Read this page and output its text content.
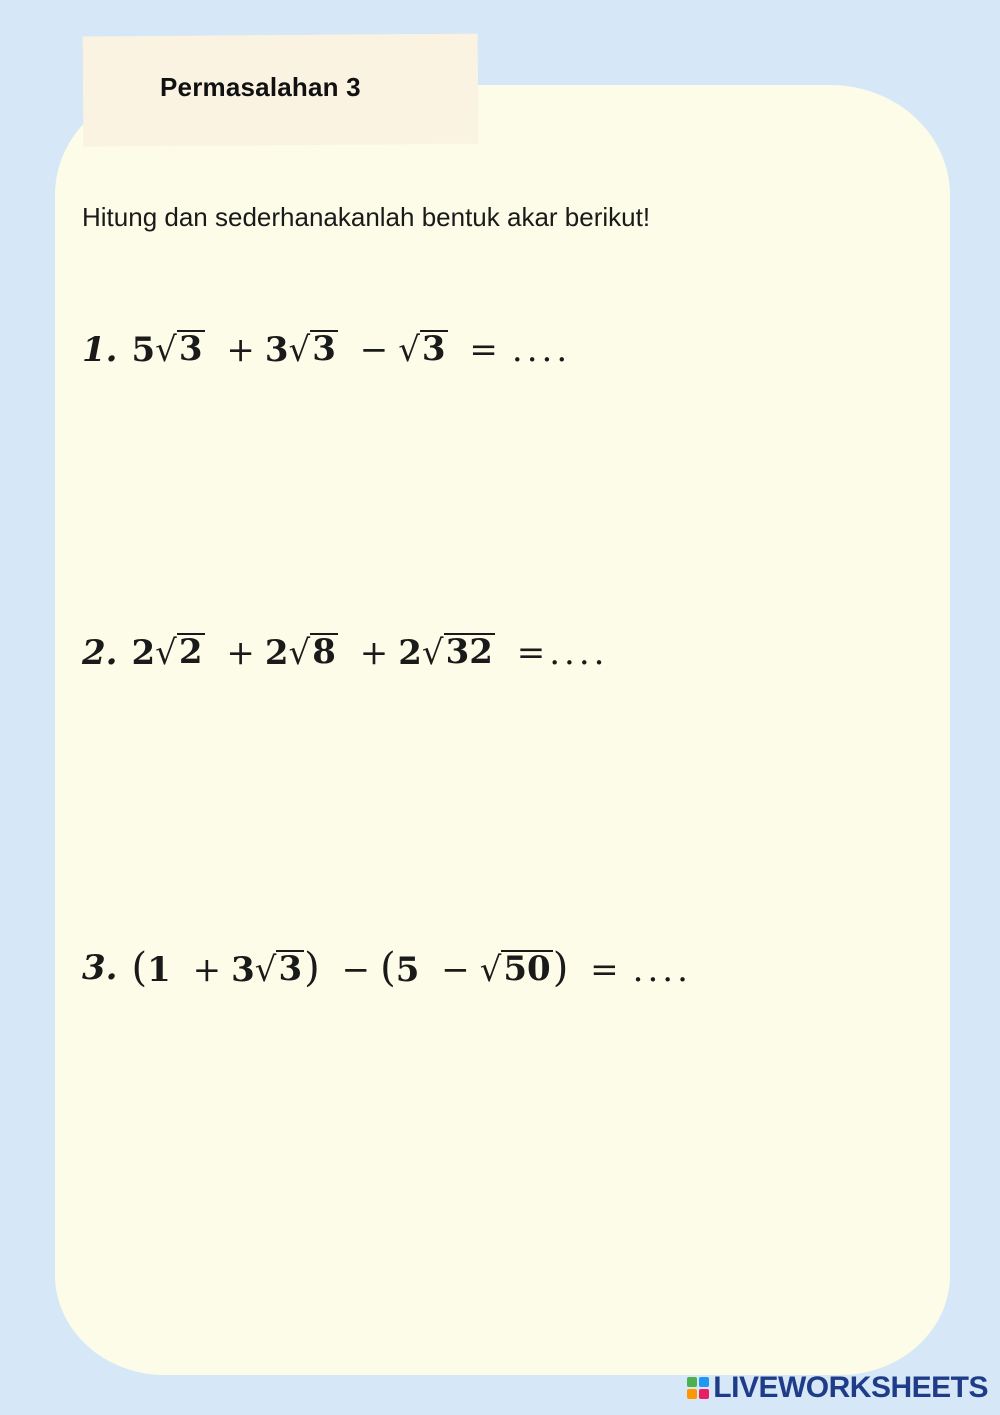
Permasalahan 3
Hitung dan sederhanakanlah bentuk akar berikut!
1. 5 √ 3 + 3 √ 3 − √ 3 = ....
2. 2 √ 2 + 2 √ 8 + 2 √ 32 = ....
3. (1 + 3 √ 3 ) − (5 − √ 50 ) = ....
LIVEWORKSHEETS
